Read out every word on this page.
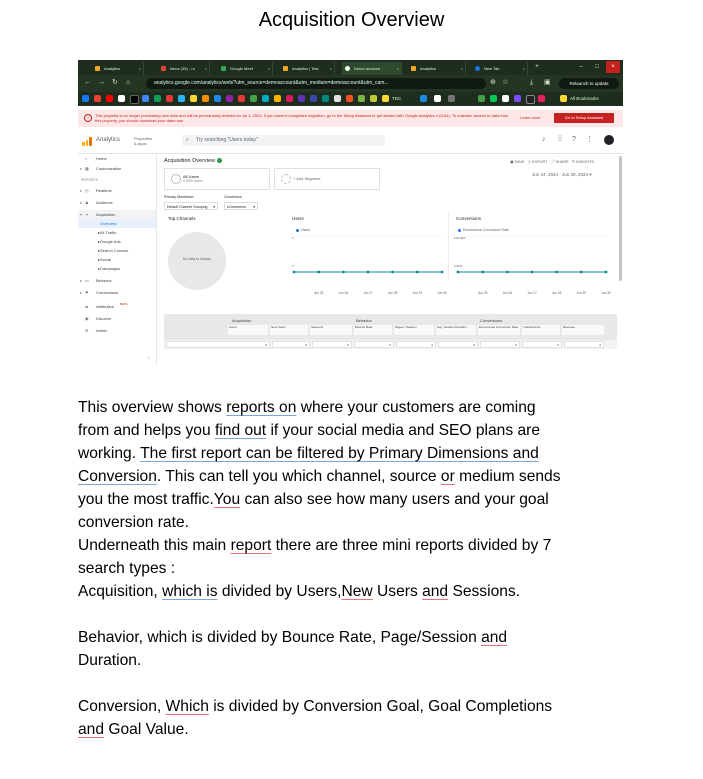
Acquisition Overview
Analytics	×	inbox (39) - ro ×	Google Meet	×	Analytics | Test	×	Demo account	×	Analytics	×	New Tab	×	+	–	□	×
← → ↻ ⌂	analytics.google.com/analytics/web/?utm_source=demoaccount&utm_medium=demoaccount&utm_cam...	⊕ ☆	⤓ ▣	Relaunch to update
TDC	All Bookmarks
!	This property is no longer processing new data and will be permanently deleted on Jul 1, 2024. If you haven't completed migration, go to the Setup Assistant to get started with Google Analytics 4 (GA4). To maintain access to data from this property, you should download your data now.
Learn more	Go to Setup Assistant
Analytics	Properties
& Apps
⌕ Try searching "Users today"	♪ ⁞⁞ ? ⋮
⌂ Home
▸ ▦ Customization
REPORTS
▸ ◷ Realtime
▸ ♟ Audience
▾ ⤳ Acquisition
Overview
▸ All Traffic
▸ Google Ads
▸ Search Console
▸ Social
▸ Campaigns
▸ ▭ Behavior
▸ ⚑ Conversions
⇆ Attribution BETA
◉ Discover
⚙ Admin
‹
Acquisition Overview ✓	▣ SAVE ⇩ EXPORT ⤴ SHARE ✎ INSIGHTS
All Users
0.00% Users	+ Add Segment
Jun 24, 2024 - Jun 30, 2024 ▾
Primary Dimension
Default Channel Grouping ▾
Conversion
eCommerce ▾
Top Channels
No data to display
Users
Users
1
0
Jun 25	Jun 26	Jun 27	Jun 28	Jun 29	Jun 30
Conversions
Ecommerce Conversion Rate
100.00%
0.00%
Jun 25	Jun 26	Jun 27	Jun 28	Jun 29	Jun 30
Acquisition	Behavior	Conversions
Users	New Users	Sessions	Bounce Rate	Pages / Session	Avg. Session Duration	Ecommerce Conversion Rate	Transactions	Revenue
0	0	0	0	0	0	0	0	0
This overview shows reports on where your customers are coming
from and helps you find out if your social media and SEO plans are
working. The first report can be filtered by Primary Dimensions and
Conversion. This can tell you which channel, source or medium sends
you the most traffic.You can also see how many users and your goal
conversion rate.
Underneath this main report there are three mini reports divided by 7
search types :
Acquisition, which is divided by Users,New Users and Sessions.

Behavior, which is divided by Bounce Rate, Page/Session and
Duration.

Conversion, Which is divided by Conversion Goal, Goal Completions
and Goal Value.
